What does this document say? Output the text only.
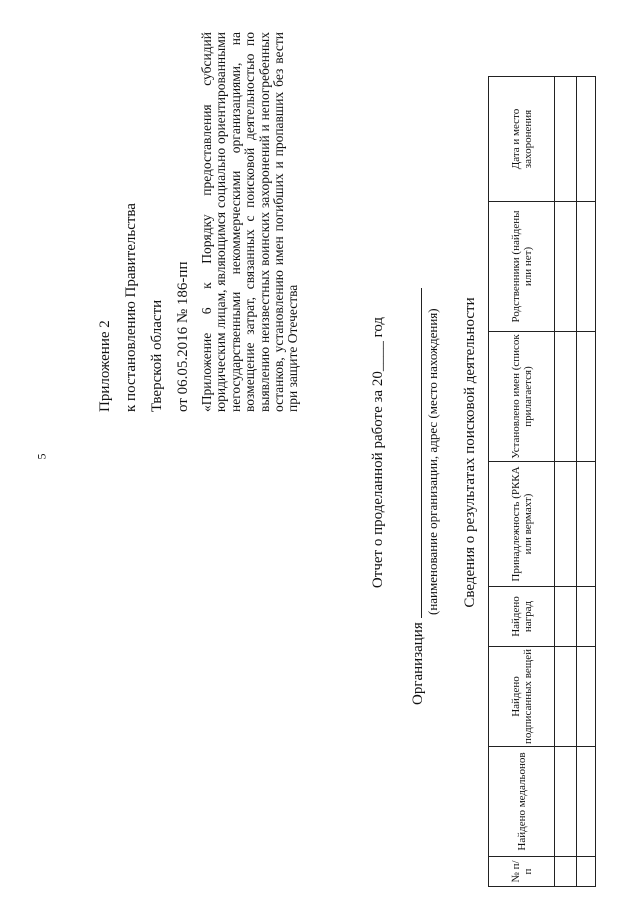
5
Приложение 2 к постановлению Правительства Тверской области от 06.05.2016 № 186-пп «Приложение 6 к Порядку предоставления субсидий юридическим лицам, являющимся социально ориентированными негосударственными некоммерческими организациями, на возмещение затрат, связанных с поисковой деятельностью по выявлению неизвестных воинских захоронений и непогребенных останков, установлению имен погибших и пропавших без вести при защите Отечества	Отчет о проделанной работе за 20____ год
Организация
(наименование организации, адрес (место нахождения) Сведения о результатах поисковой деятельности
№ п/п	Найдено медальонов	Найдено подписанных вещей	Найдено наград	Принадлежность (РККА или вермахт)	Установлено имен (список прилагается)	Родственники (найдены или нет)	Дата и место захоронения
